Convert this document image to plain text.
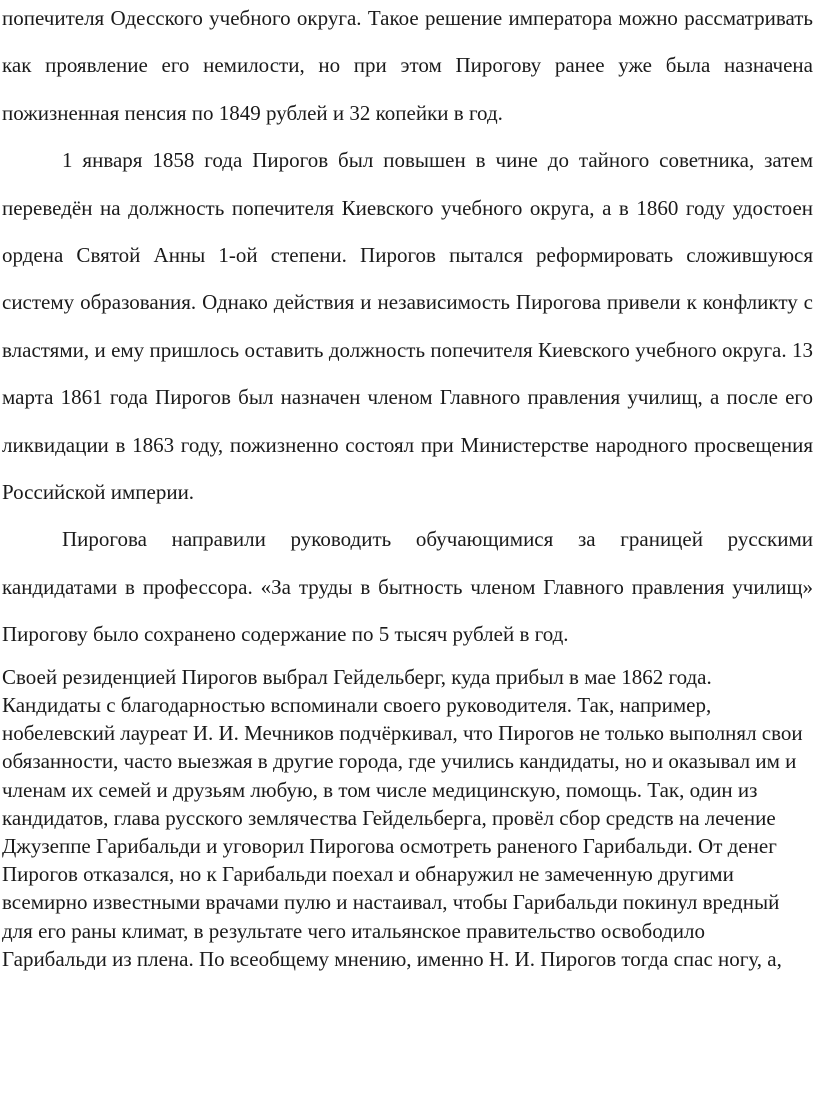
попечителя Одесского учебного округа. Такое решение императора можно рассматривать как проявление его немилости, но при этом Пирогову ранее уже была назначена пожизненная пенсия по 1849 рублей и 32 копейки в год.

1 января 1858 года Пирогов был повышен в чине до тайного советника, затем переведён на должность попечителя Киевского учебного округа, а в 1860 году удостоен ордена Святой Анны 1-ой степени. Пирогов пытался реформировать сложившуюся систему образования. Однако действия и независимость Пирогова привели к конфликту с властями, и ему пришлось оставить должность попечителя Киевского учебного округа. 13 марта 1861 года Пирогов был назначен членом Главного правления училищ, а после его ликвидации в 1863 году, пожизненно состоял при Министерстве народного просвещения Российской империи.

Пирогова направили руководить обучающимися за границей русскими кандидатами в профессора. «За труды в бытность членом Главного правления училищ» Пирогову было сохранено содержание по 5 тысяч рублей в год.

Своей резиденцией Пирогов выбрал Гейдельберг, куда прибыл в мае 1862 года. Кандидаты с благодарностью вспоминали своего руководителя. Так, например, нобелевский лауреат И. И. Мечников подчёркивал, что Пирогов не только выполнял свои обязанности, часто выезжая в другие города, где учились кандидаты, но и оказывал им и членам их семей и друзьям любую, в том числе медицинскую, помощь. Так, один из кандидатов, глава русского землячества Гейдельберга, провёл сбор средств на лечение Джузеппе Гарибальди и уговорил Пирогова осмотреть раненого Гарибальди. От денег Пирогов отказался, но к Гарибальди поехал и обнаружил не замеченную другими всемирно известными врачами пулю и настаивал, чтобы Гарибальди покинул вредный для его раны климат, в результате чего итальянское правительство освободило Гарибальди из плена. По всеобщему мнению, именно Н. И. Пирогов тогда спас ногу, а,
